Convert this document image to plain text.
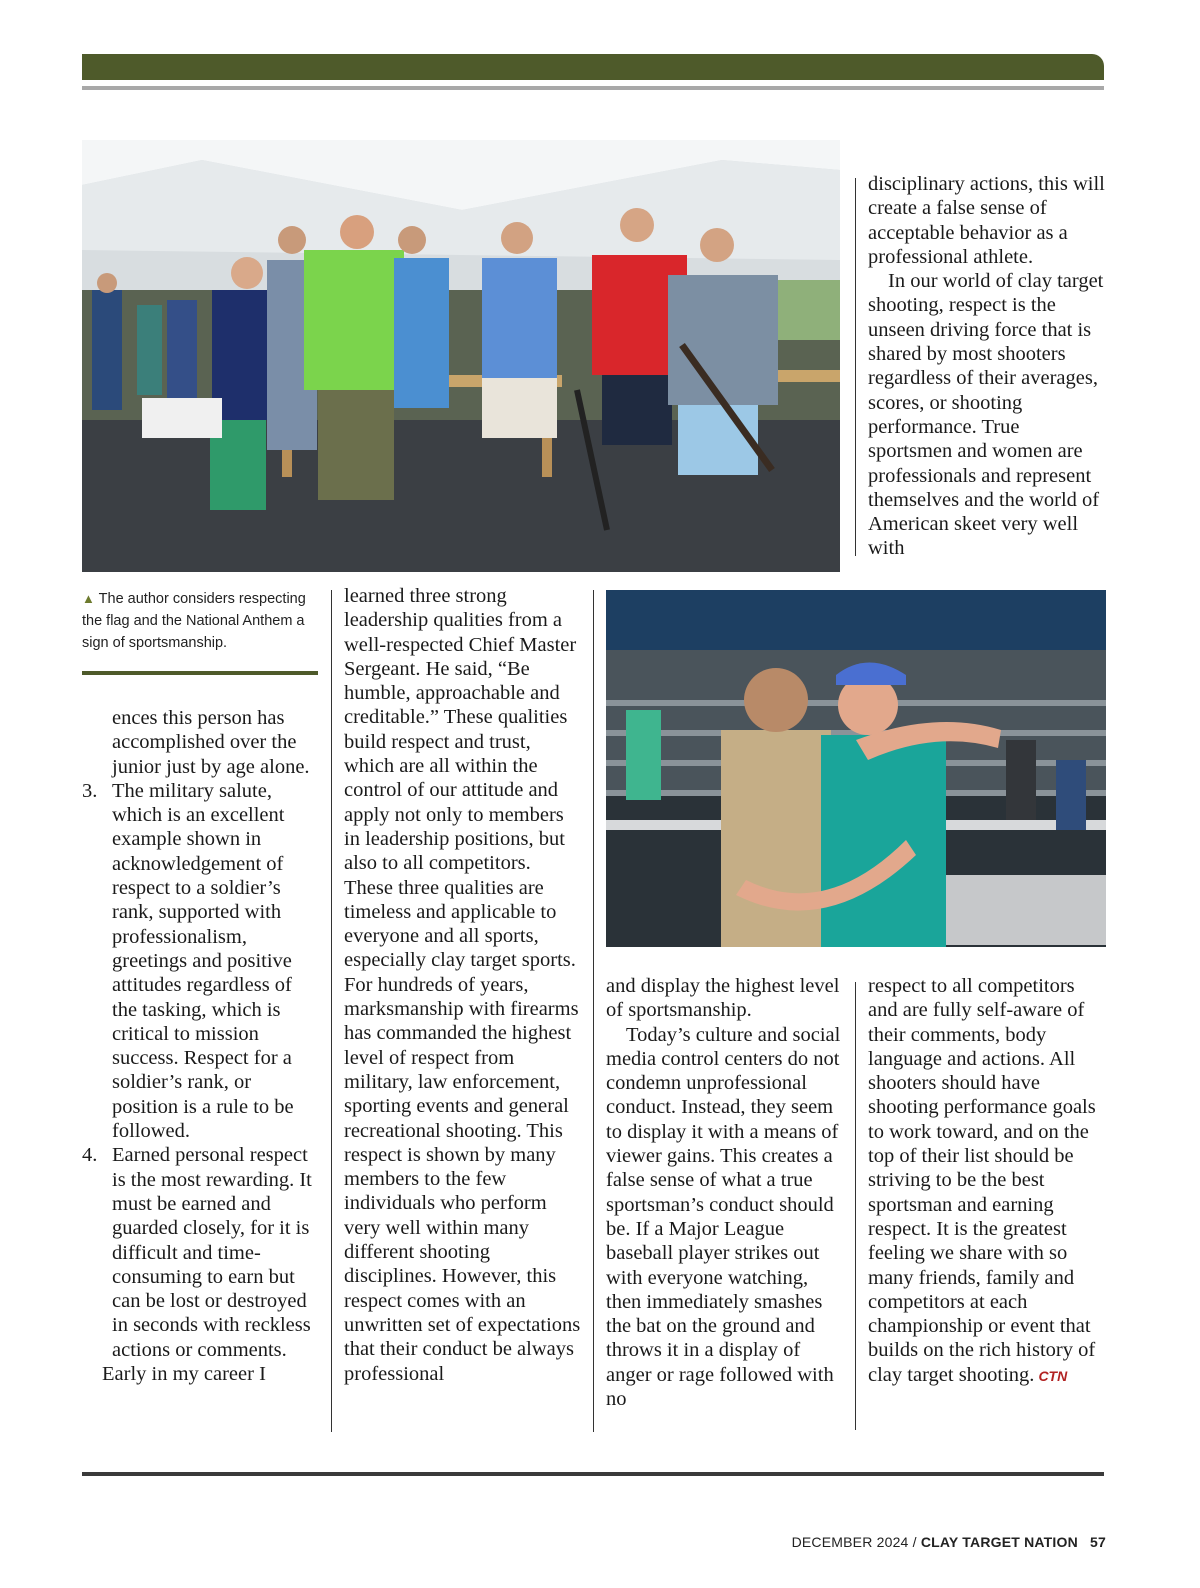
disciplinary actions, this will create a false sense of acceptable behavior as a professional athlete.

In our world of clay target shooting, respect is the unseen driving force that is shared by most shooters regardless of their averages, scores, or shooting performance. True sportsmen and women are professionals and represent themselves and the world of American skeet very well with

▲ The author considers respecting the flag and the National Anthem a sign of sportsmanship.

ences this person has accomplished over the junior just by age alone.

3. The military salute, which is an excellent example shown in acknowledgement of respect to a soldier’s rank, supported with professionalism, greetings and positive attitudes regardless of the tasking, which is critical to mission success. Respect for a soldier’s rank, or position is a rule to be followed.
4. Earned personal respect is the most rewarding. It must be earned and guarded closely, for it is difficult and time-consuming to earn but can be lost or destroyed in seconds with reckless actions or comments.

Early in my career I

learned three strong leadership qualities from a well-respected Chief Master Sergeant. He said, “Be humble, approachable and creditable.” These qualities build respect and trust, which are all within the control of our attitude and apply not only to members in leadership positions, but also to all competitors. These three qualities are timeless and applicable to everyone and all sports, especially clay target sports. For hundreds of years, marksmanship with firearms has commanded the highest level of respect from military, law enforcement, sporting events and general recreational shooting. This respect is shown by many members to the few individuals who perform very well within many different shooting disciplines. However, this respect comes with an unwritten set of expectations that their conduct be always professional

and display the highest level of sportsmanship.

Today’s culture and social media control centers do not condemn unprofessional conduct. Instead, they seem to display it with a means of viewer gains. This creates a false sense of what a true sportsman’s conduct should be. If a Major League baseball player strikes out with everyone watching, then immediately smashes the bat on the ground and throws it in a display of anger or rage followed with no

respect to all competitors and are fully self-aware of their comments, body language and actions. All shooters should have shooting performance goals to work toward, and on the top of their list should be striving to be the best sportsman and earning respect. It is the greatest feeling we share with so many friends, family and competitors at each championship or event that builds on the rich history of clay target shooting. CTN

DECEMBER 2024 / CLAY TARGET NATION 57
